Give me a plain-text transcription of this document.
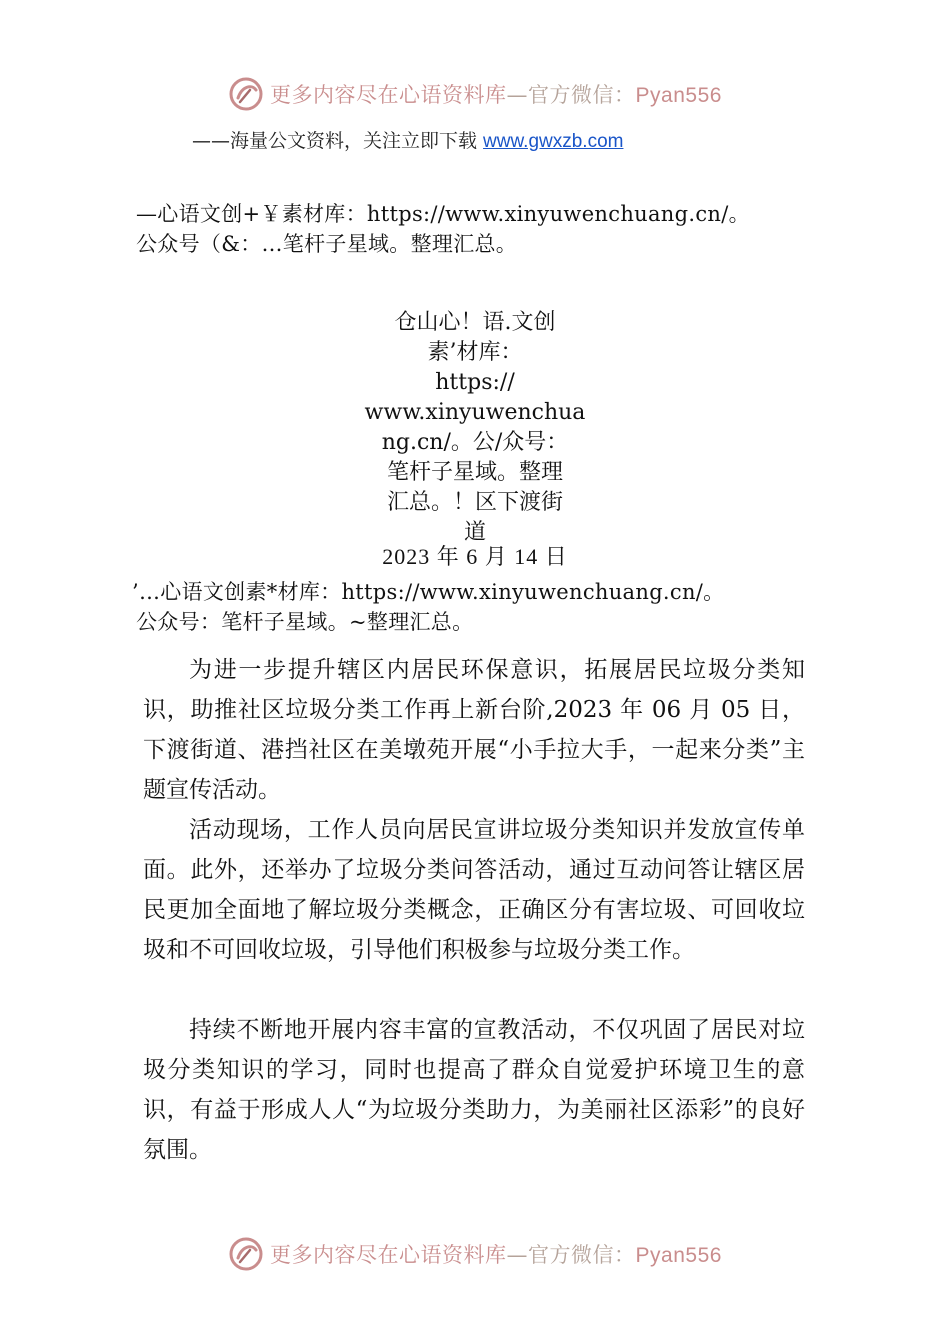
更多内容尽在心语资料库—官方微信：Pyan556
——海量公文资料，关注立即下载 www.gwxzb.com
—心语文创+￥素材库：https://www.xinyuwenchuang.cn/。
公众号（&：…笔杆子星域。整理汇总。
仓山心！语.文创
素’材库：
https://
www.xinyuwenchua
ng.cn/。公/众号：
笔杆子星域。整理
汇总。！区下渡街
道
2023 年 6 月 14 日
’…心语文创素*材库：https://www.xinyuwenchuang.cn/。
公众号：笔杆子星域。~整理汇总。

为进一步提升辖区内居民环保意识，拓展居民垃圾分类知识，助推社区垃圾分类工作再上新台阶,2023 年 06 月 05 日，下渡街道、港挡社区在美墩苑开展“小手拉大手，一起来分类”主题宣传活动。

活动现场，工作人员向居民宣讲垃圾分类知识并发放宣传单面。此外，还举办了垃圾分类问答活动，通过互动问答让辖区居民更加全面地了解垃圾分类概念，正确区分有害垃圾、可回收垃圾和不可回收垃圾，引导他们积极参与垃圾分类工作。

持续不断地开展内容丰富的宣教活动，不仅巩固了居民对垃圾分类知识的学习，同时也提高了群众自觉爱护环境卫生的意识，有益于形成人人“为垃圾分类助力，为美丽社区添彩”的良好氛围。

更多内容尽在心语资料库—官方微信：Pyan556
